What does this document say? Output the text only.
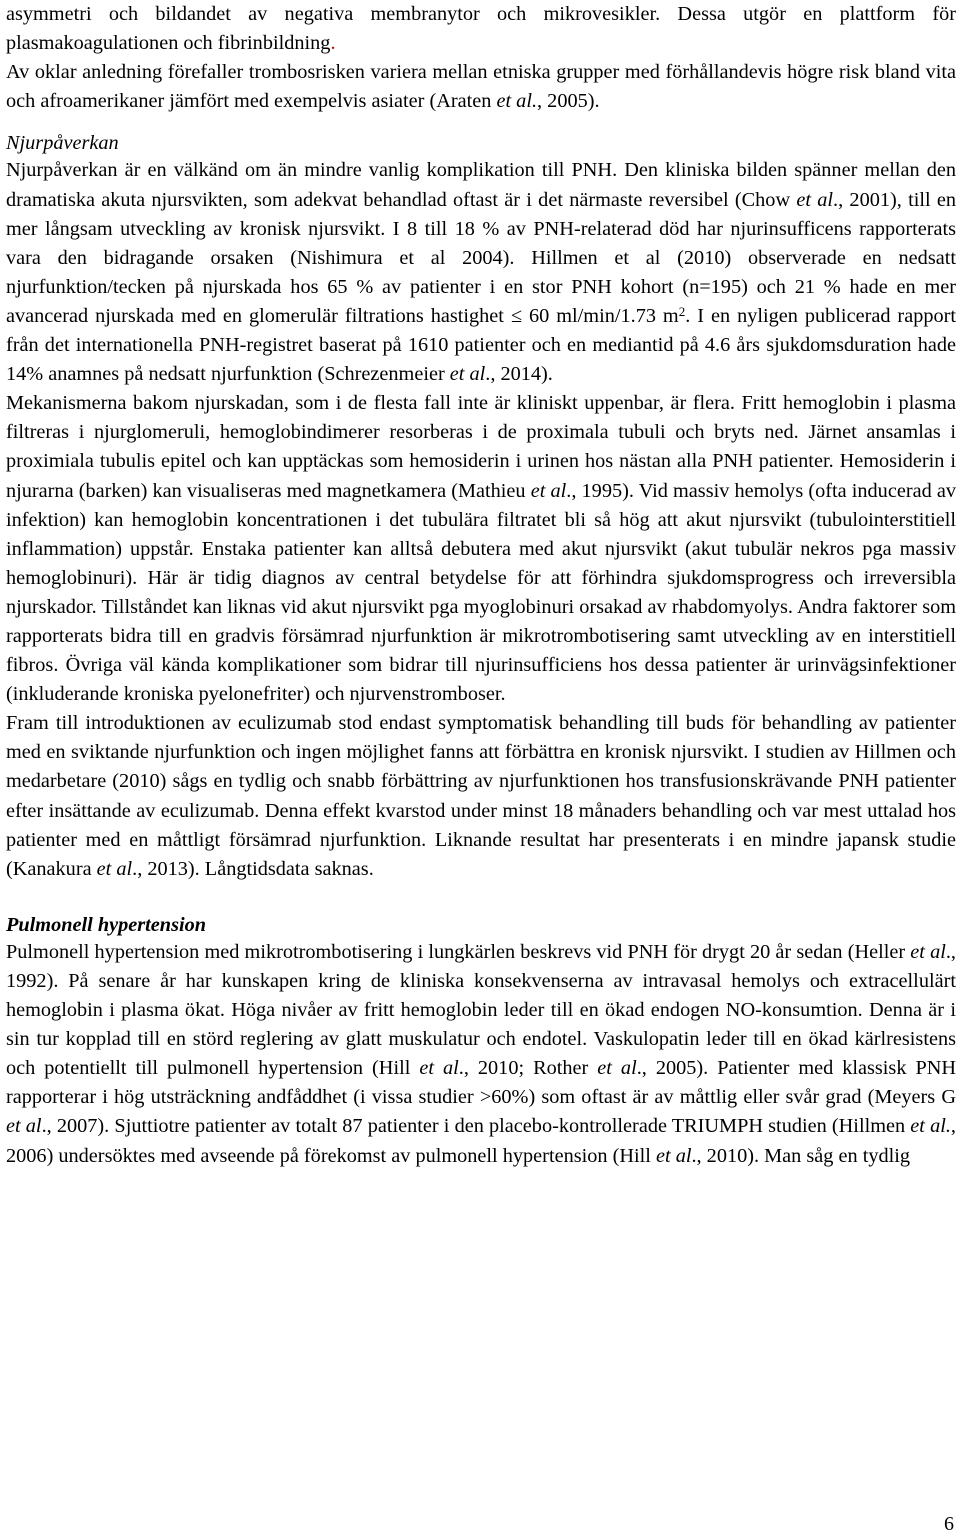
asymmetri och bildandet av negativa membranytor och mikrovesikler. Dessa utgör en plattform för plasmakoagulationen och fibrinbildning.
Av oklar anledning förefaller trombosrisken variera mellan etniska grupper med förhållandevis högre risk bland vita och afroamerikaner jämfört med exempelvis asiater (Araten et al., 2005).

Njurpåverkan

Njurpåverkan är en välkänd om än mindre vanlig komplikation till PNH. Den kliniska bilden spänner mellan den dramatiska akuta njursvikten, som adekvat behandlad oftast är i det närmaste reversibel (Chow et al., 2001), till en mer långsam utveckling av kronisk njursvikt. I 8 till 18 % av PNH-relaterad död har njurinsufficens rapporterats vara den bidragande orsaken (Nishimura et al 2004). Hillmen et al (2010) observerade en nedsatt njurfunktion/tecken på njurskada hos 65 % av patienter i en stor PNH kohort (n=195) och 21 % hade en mer avancerad njurskada med en glomerulär filtrations hastighet ≤ 60 ml/min/1.73 $m^2$. I en nyligen publicerad rapport från det internationella PNH-registret baserat på 1610 patienter och en mediantid på 4.6 års sjukdomsduration hade 14% anamnes på nedsatt njurfunktion (Schrezenmeier et al., 2014).

Mekanismerna bakom njurskadan, som i de flesta fall inte är kliniskt uppenbar, är flera. Fritt hemoglobin i plasma filtreras i njurglomeruli, hemoglobindimerer resorberas i de proximala tubuli och bryts ned. Järnet ansamlas i proximiala tubulis epitel och kan upptäckas som hemosiderin i urinen hos nästan alla PNH patienter. Hemosiderin i njurarna (barken) kan visualiseras med magnetkamera (Mathieu et al., 1995). Vid massiv hemolys (ofta inducerad av infektion) kan hemoglobin koncentrationen i det tubulära filtratet bli så hög att akut njursvikt (tubulointerstitiell inflammation) uppstår. Enstaka patienter kan alltså debutera med akut njursvikt (akut tubulär nekros pga massiv hemoglobinuri). Här är tidig diagnos av central betydelse för att förhindra sjukdomsprogress och irreversibla njurskador. Tillståndet kan liknas vid akut njursvikt pga myoglobinuri orsakad av rhabdomyolys. Andra faktorer som rapporterats bidra till en gradvis försämrad njurfunktion är mikrotrombotisering samt utveckling av en interstitiell fibros. Övriga väl kända komplikationer som bidrar till njurinsufficiens hos dessa patienter är urinvägsinfektioner (inkluderande kroniska pyelonefriter) och njurvenstromboser.

Fram till introduktionen av eculizumab stod endast symptomatisk behandling till buds för behandling av patienter med en sviktande njurfunktion och ingen möjlighet fanns att förbättra en kronisk njursvikt. I studien av Hillmen och medarbetare (2010) sågs en tydlig och snabb förbättring av njurfunktionen hos transfusionskrävande PNH patienter efter insättande av eculizumab. Denna effekt kvarstod under minst 18 månaders behandling och var mest uttalad hos patienter med en måttligt försämrad njurfunktion. Liknande resultat har presenterats i en mindre japansk studie (Kanakura et al., 2013). Långtidsdata saknas.

Pulmonell hypertension

Pulmonell hypertension med mikrotrombotisering i lungkärlen beskrevs vid PNH för drygt 20 år sedan (Heller et al., 1992). På senare år har kunskapen kring de kliniska konsekvenserna av intravasal hemolys och extracellulärt hemoglobin i plasma ökat. Höga nivåer av fritt hemoglobin leder till en ökad endogen NO-konsumtion. Denna är i sin tur kopplad till en störd reglering av glatt muskulatur och endotel. Vaskulopatin leder till en ökad kärlresistens och potentiellt till pulmonell hypertension (Hill et al., 2010; Rother et al., 2005). Patienter med klassisk PNH rapporterar i hög utsträckning andfåddhet (i vissa studier >60%) som oftast är av måttlig eller svår grad (Meyers G et al., 2007). Sjuttiotre patienter av totalt 87 patienter i den placebo-kontrollerade TRIUMPH studien (Hillmen et al., 2006) undersöktes med avseende på förekomst av pulmonell hypertension (Hill et al., 2010). Man såg en tydlig

6
